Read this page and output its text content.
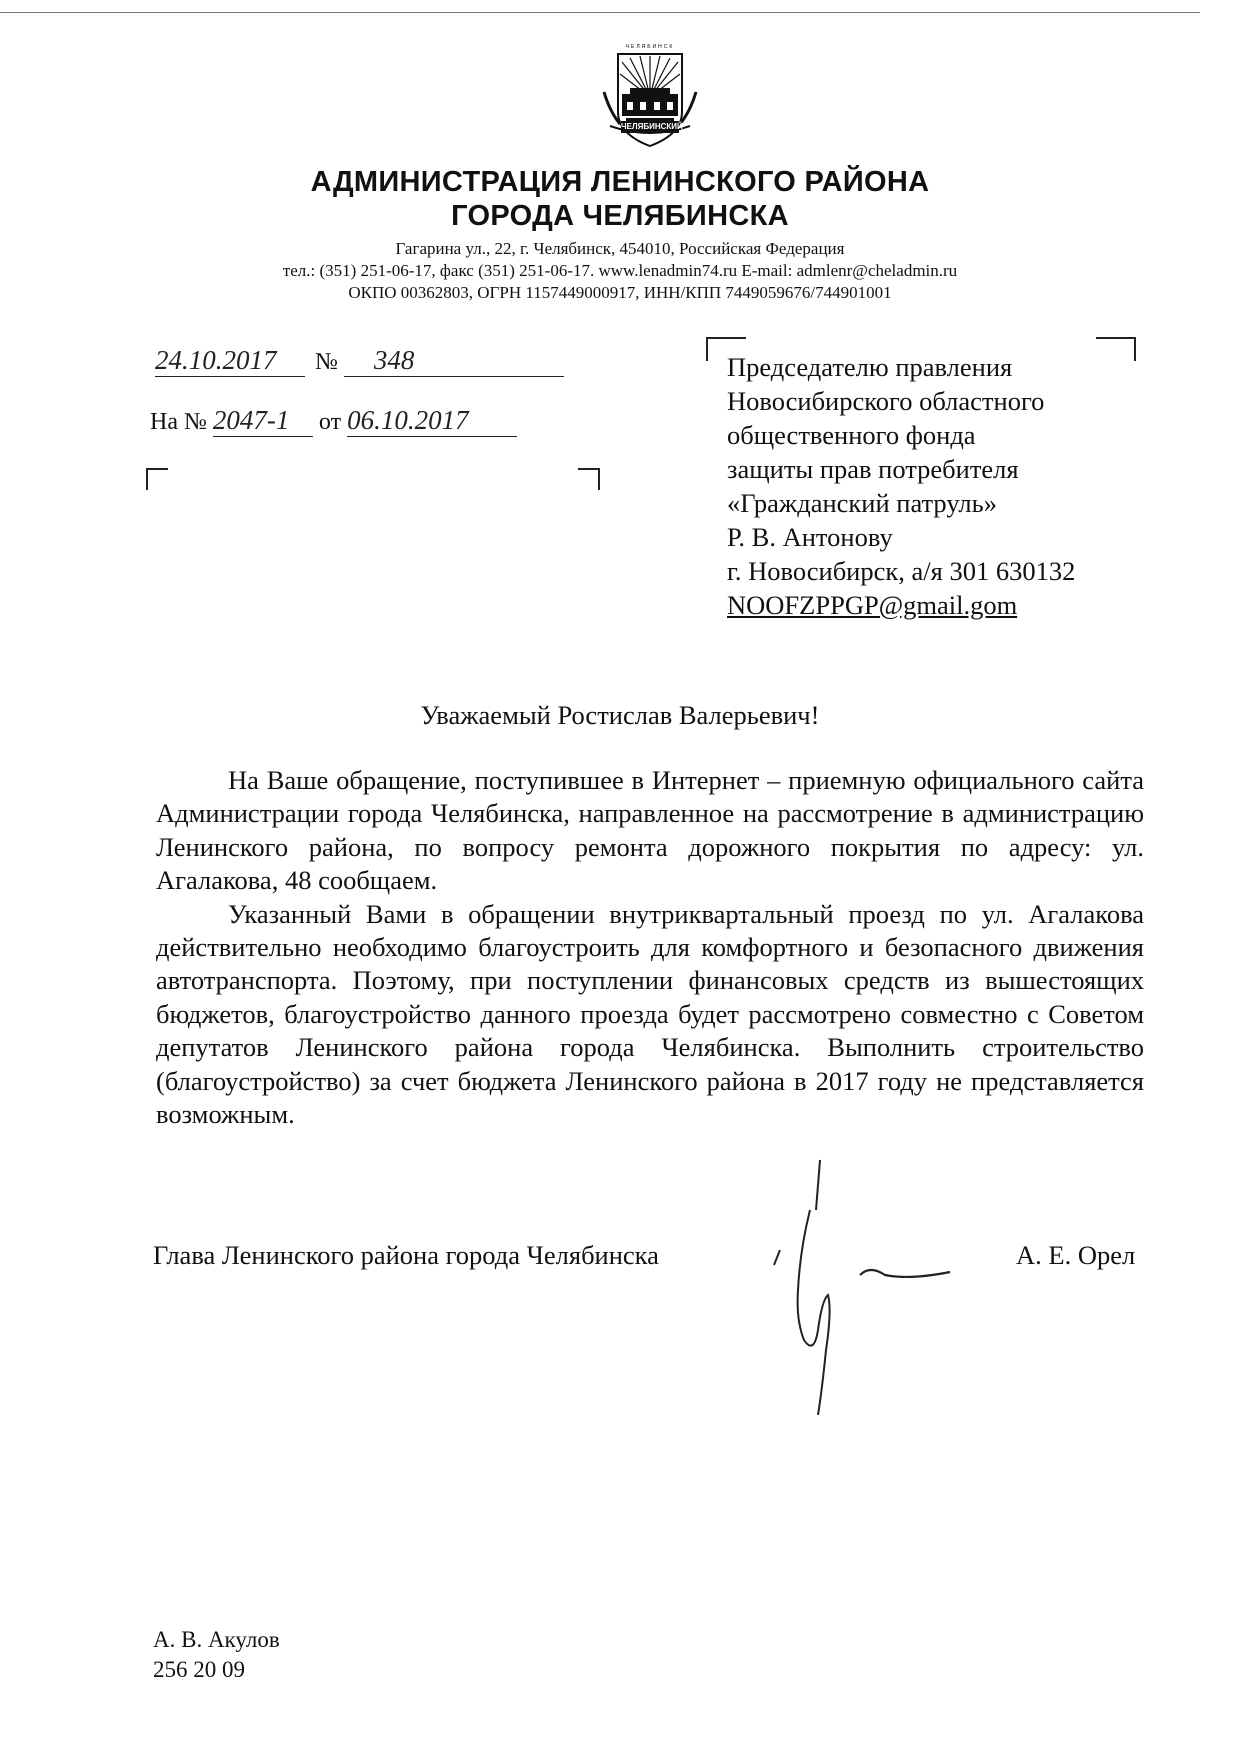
ЧЕЛЯБИНСК
ЧЕЛЯБИНСКИЙ
АДМИНИСТРАЦИЯ ЛЕНИНСКОГО РАЙОНА
ГОРОДА ЧЕЛЯБИНСКА
Гагарина ул., 22, г. Челябинск, 454010, Российская Федерация
тел.: (351) 251-06-17, факс (351) 251-06-17. www.lenadmin74.ru E-mail: admlenr@cheladmin.ru
ОКПО 00362803, ОГРН 1157449000917, ИНН/КПП 7449059676/744901001
24.10.2017 № 348
На № 2047-1 от 06.10.2017
Председателю правления
Новосибирского областного
общественного фонда
защиты прав потребителя
«Гражданский патруль»
Р. В. Антонову
г. Новосибирск, а/я 301 630132
NOOFZPPGP@gmail.gom
Уважаемый Ростислав Валерьевич!

На Ваше обращение, поступившее в Интернет – приемную официального сайта Администрации города Челябинска, направленное на рассмотрение в администрацию Ленинского района, по вопросу ремонта дорожного покрытия по адресу: ул. Агалакова, 48 сообщаем.

Указанный Вами в обращении внутриквартальный проезд по ул. Агалакова действительно необходимо благоустроить для комфортного и безопасного движения автотранспорта. Поэтому, при поступлении финансовых средств из вышестоящих бюджетов, благоустройство данного проезда будет рассмотрено совместно с Советом депутатов Ленинского района города Челябинска. Выполнить строительство (благоустройство) за счет бюджета Ленинского района в 2017 году не представляется возможным.

Глава Ленинского района города Челябинска	А. Е. Орел
А. В. Акулов
256 20 09
